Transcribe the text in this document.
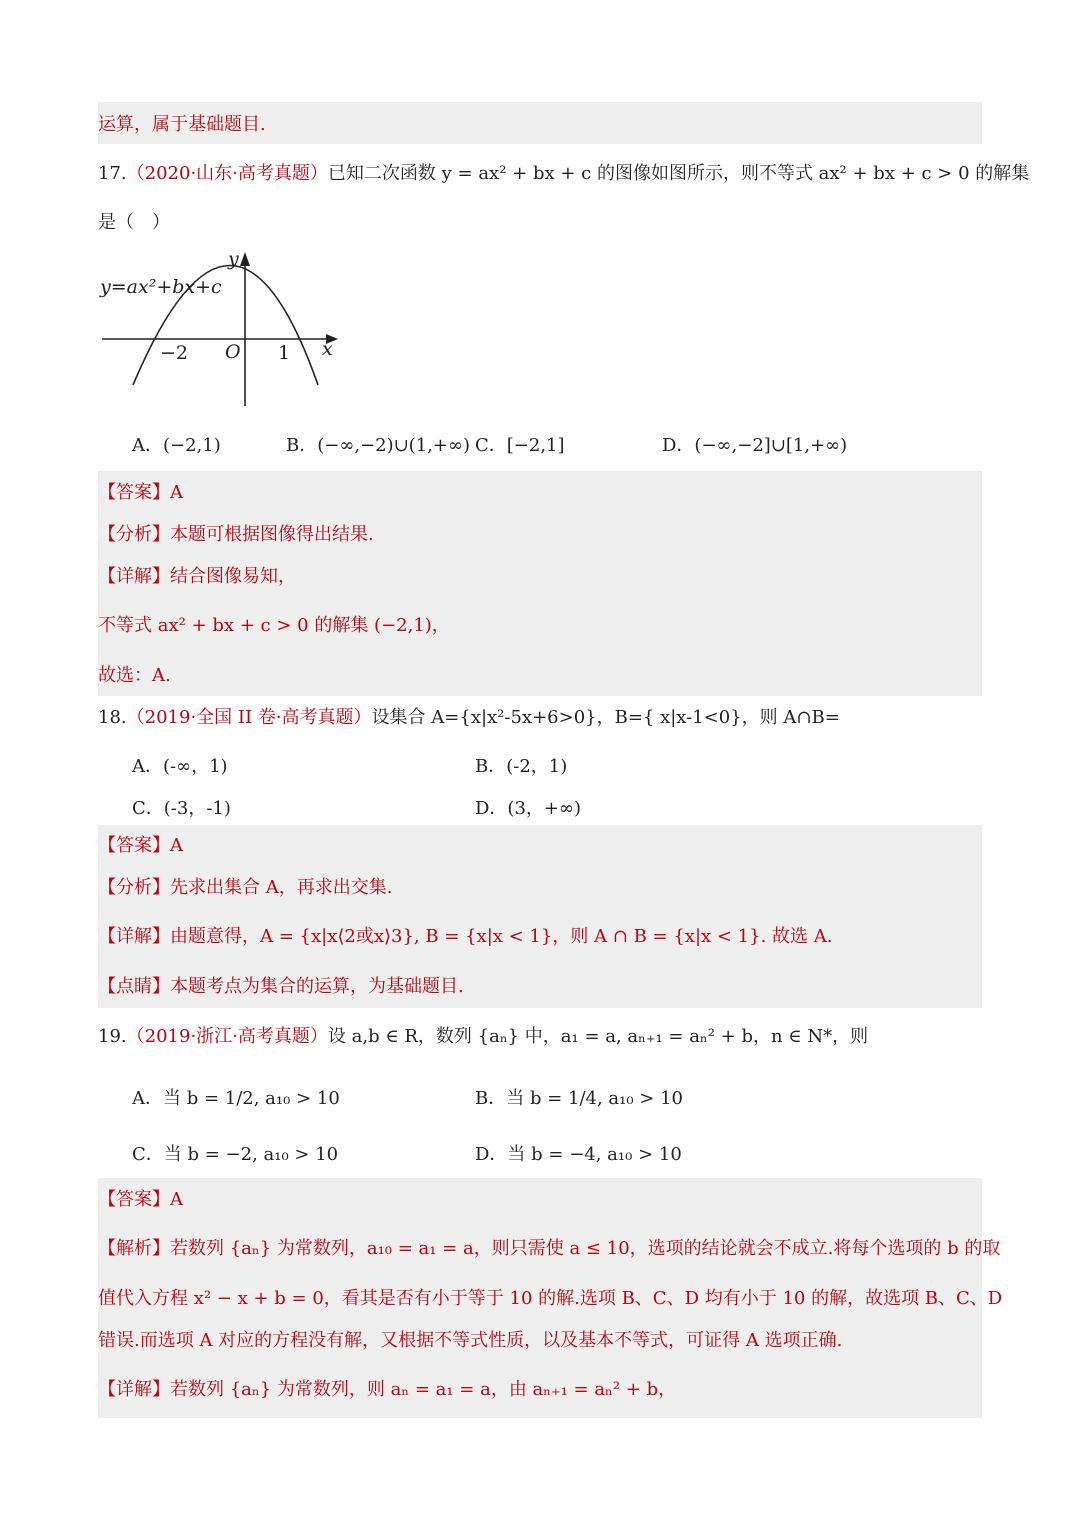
运算，属于基础题目.
17.（2020·山东·高考真题）已知二次函数 y = ax² + bx + c 的图像如图所示，则不等式 ax² + bx + c > 0 的解集
是（　）
y=ax²+bx+c
y
x
O
−2	1
A．(−2,1)	B．(−∞,−2)∪(1,+∞) C．[−2,1]	D．(−∞,−2]∪[1,+∞)
【答案】A
【分析】本题可根据图像得出结果.
【详解】结合图像易知，
不等式 ax² + bx + c > 0 的解集 (−2,1)，
故选：A.
18.（2019·全国 II 卷·高考真题）设集合 A={x|x²-5x+6>0}，B={ x|x-1<0}，则 A∩B=
A．(-∞，1)	B．(-2，1)
C．(-3，-1)	D．(3，+∞)
【答案】A
【分析】先求出集合 A，再求出交集.
【详解】由题意得，A = {x|x⟨2或x⟩3}, B = {x|x < 1}，则 A ∩ B = {x|x < 1}. 故选 A.
【点睛】本题考点为集合的运算，为基础题目.
19.（2019·浙江·高考真题）设 a,b ∈ R，数列 {aₙ} 中，a₁ = a, aₙ₊₁ = aₙ² + b，n ∈ N*，则
A．当 b = 1/2, a₁₀ > 10	B．当 b = 1/4, a₁₀ > 10
C．当 b = −2, a₁₀ > 10	D．当 b = −4, a₁₀ > 10
【答案】A
【解析】若数列 {aₙ} 为常数列，a₁₀ = a₁ = a，则只需使 a ≤ 10，选项的结论就会不成立.将每个选项的 b 的取
值代入方程 x² − x + b = 0，看其是否有小于等于 10 的解.选项 B、C、D 均有小于 10 的解，故选项 B、C、D
错误.而选项 A 对应的方程没有解，又根据不等式性质，以及基本不等式，可证得 A 选项正确.
【详解】若数列 {aₙ} 为常数列，则 aₙ = a₁ = a，由 aₙ₊₁ = aₙ² + b，
